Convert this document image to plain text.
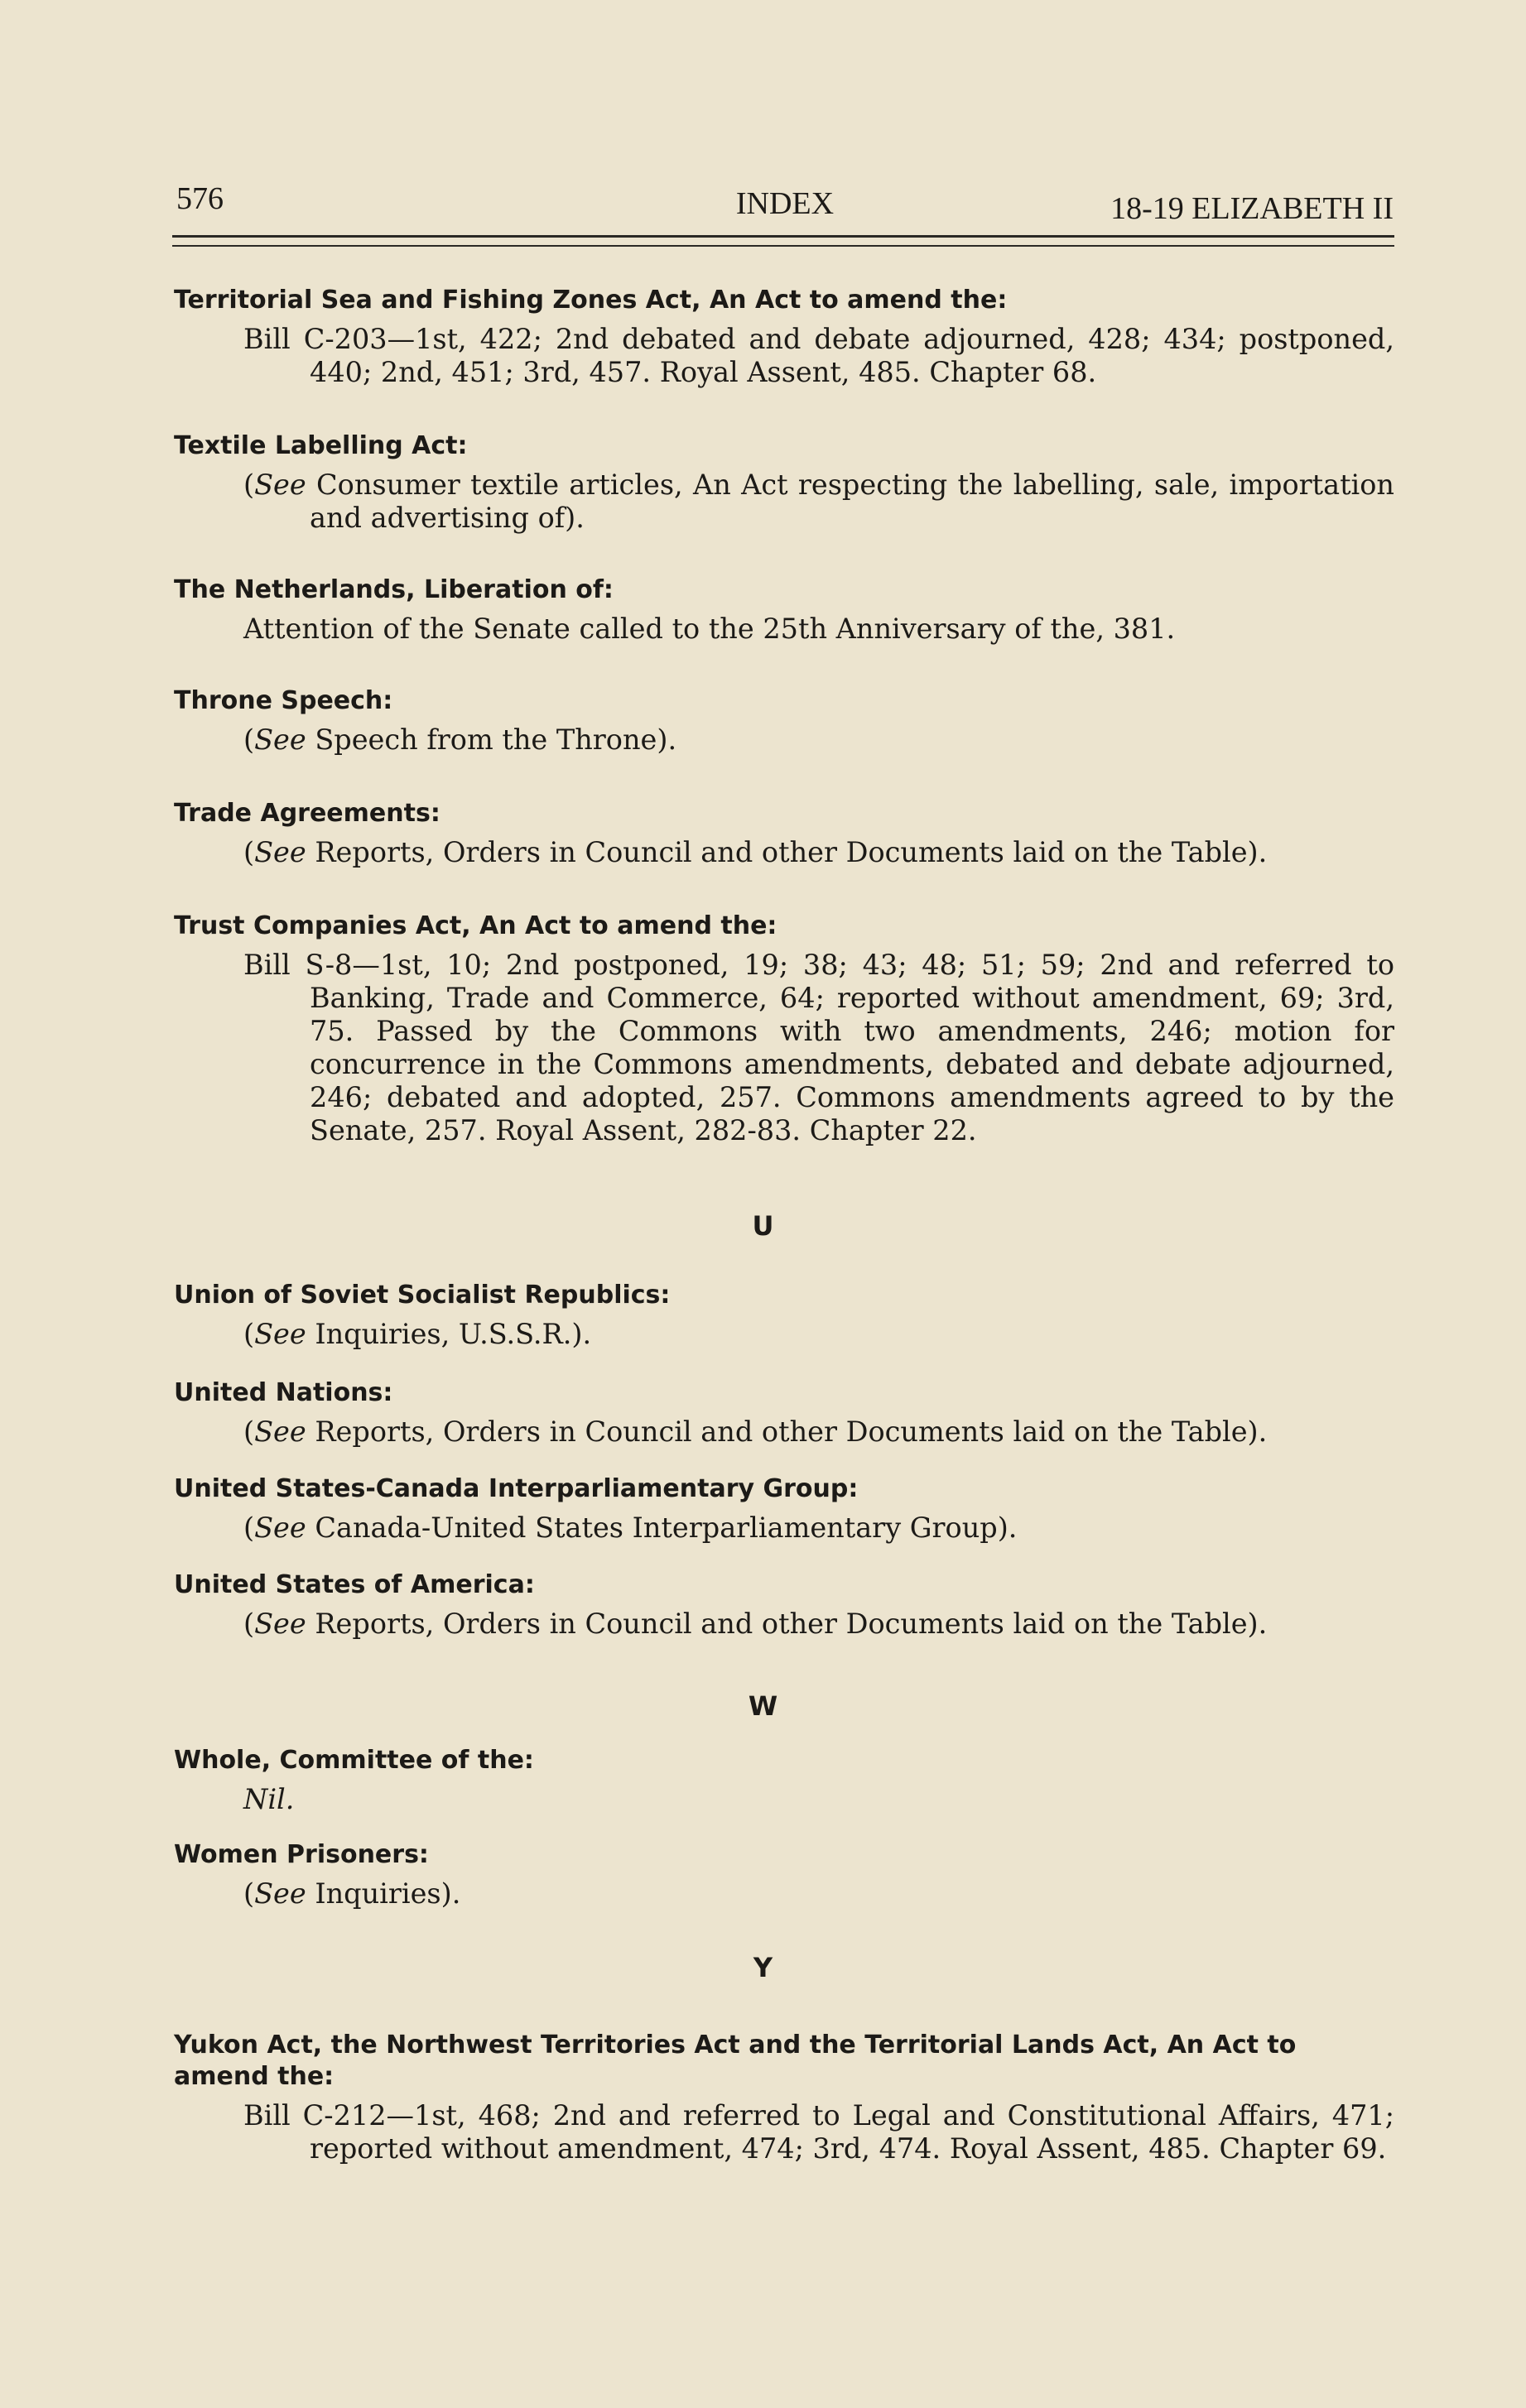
576	INDEX	18-19 ELIZABETH II
Territorial Sea and Fishing Zones Act, An Act to amend the:

Bill C-203—1st, 422; 2nd debated and debate adjourned, 428; 434; postponed, 440; 2nd, 451; 3rd, 457. Royal Assent, 485. Chapter 68.

Textile Labelling Act:

(See Consumer textile articles, An Act respecting the labelling, sale, importation and advertising of).

The Netherlands, Liberation of:

Attention of the Senate called to the 25th Anniversary of the, 381.

Throne Speech:

(See Speech from the Throne).

Trade Agreements:

(See Reports, Orders in Council and other Documents laid on the Table).

Trust Companies Act, An Act to amend the:

Bill S-8—1st, 10; 2nd postponed, 19; 38; 43; 48; 51; 59; 2nd and referred to Banking, Trade and Commerce, 64; reported without amendment, 69; 3rd, 75. Passed by the Commons with two amendments, 246; motion for concurrence in the Commons amendments, debated and debate adjourned, 246; debated and adopted, 257. Commons amendments agreed to by the Senate, 257. Royal Assent, 282-83. Chapter 22.

U
Union of Soviet Socialist Republics:

(See Inquiries, U.S.S.R.).

United Nations:

(See Reports, Orders in Council and other Documents laid on the Table).

United States-Canada Interparliamentary Group:

(See Canada-United States Interparliamentary Group).

United States of America:

(See Reports, Orders in Council and other Documents laid on the Table).

W
Whole, Committee of the:

Nil.

Women Prisoners:

(See Inquiries).

Y
Yukon Act, the Northwest Territories Act and the Territorial Lands Act, An Act to
amend the:

Bill C-212—1st, 468; 2nd and referred to Legal and Constitutional Affairs, 471; reported without amendment, 474; 3rd, 474. Royal Assent, 485. Chapter 69.
